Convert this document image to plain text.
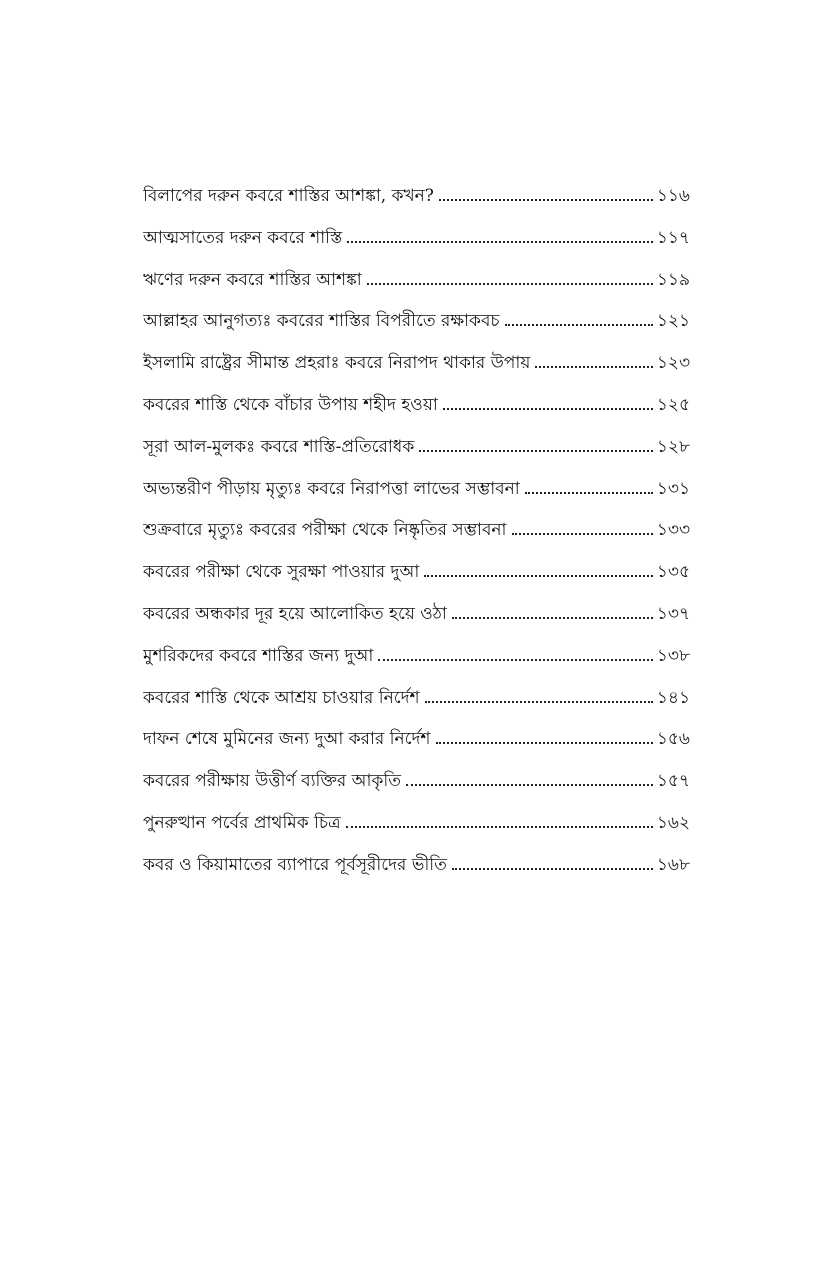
বিলাপের দরুন কবরে শাস্তির আশঙ্কা, কখন?	১১৬
আত্মসাতের দরুন কবরে শাস্তি	১১৭
ঋণের দরুন কবরে শাস্তির আশঙ্কা	১১৯
আল্লাহর আনুগত্যঃ কবরের শাস্তির বিপরীতে রক্ষাকবচ	১২১
ইসলামি রাষ্ট্রের সীমান্ত প্রহরাঃ কবরে নিরাপদ থাকার উপায়	১২৩
কবরের শাস্তি থেকে বাঁচার উপায় শহীদ হওয়া	১২৫
সূরা আল-মুলকঃ কবরে শাস্তি-প্রতিরোধক	১২৮
অভ্যন্তরীণ পীড়ায় মৃত্যুঃ কবরে নিরাপত্তা লাভের সম্ভাবনা	১৩১
শুক্রবারে মৃত্যুঃ কবরের পরীক্ষা থেকে নিষ্কৃতির সম্ভাবনা	১৩৩
কবরের পরীক্ষা থেকে সুরক্ষা পাওয়ার দুআ	১৩৫
কবরের অন্ধকার দূর হয়ে আলোকিত হয়ে ওঠা	১৩৭
মুশরিকদের কবরে শাস্তির জন্য দুআ	১৩৮
কবরের শাস্তি থেকে আশ্রয় চাওয়ার নির্দেশ	১৪১
দাফন শেষে মুমিনের জন্য দুআ করার নির্দেশ	১৫৬
কবরের পরীক্ষায় উত্তীর্ণ ব্যক্তির আকৃতি	১৫৭
পুনরুত্থান পর্বের প্রাথমিক চিত্র	১৬২
কবর ও কিয়ামাতের ব্যাপারে পূর্বসূরীদের ভীতি	১৬৮
